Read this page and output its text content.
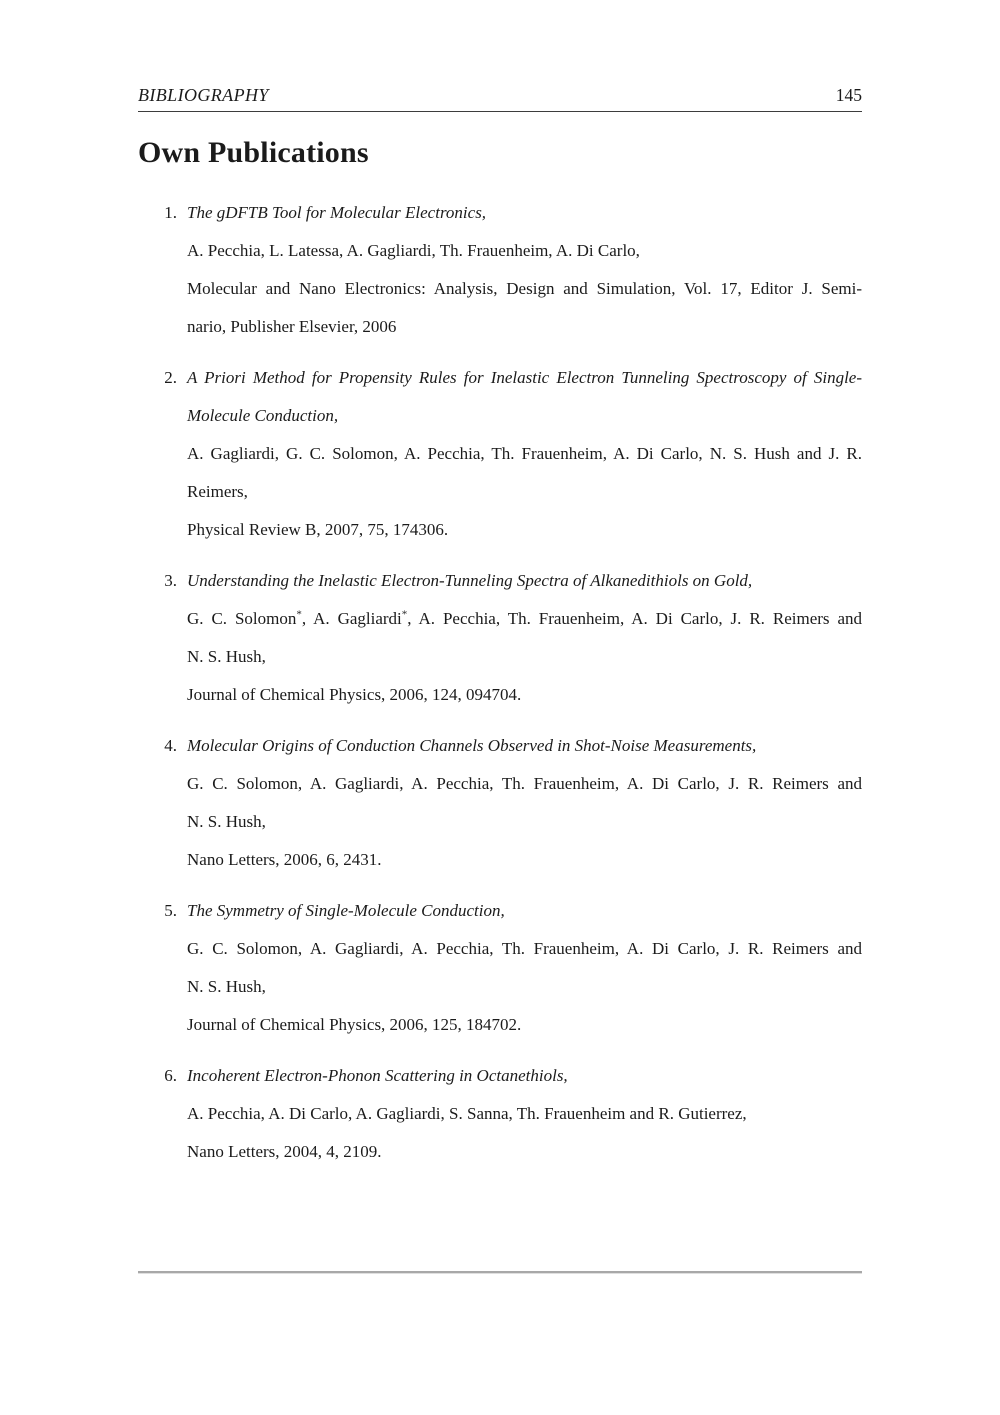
BIBLIOGRAPHY	145
Own Publications
1. The gDFTB Tool for Molecular Electronics,
A. Pecchia, L. Latessa, A. Gagliardi, Th. Frauenheim, A. Di Carlo,
Molecular and Nano Electronics: Analysis, Design and Simulation, Vol. 17, Editor J. Semi-
nario, Publisher Elsevier, 2006
2. A Priori Method for Propensity Rules for Inelastic Electron Tunneling Spectroscopy of Single-
Molecule Conduction,
A. Gagliardi, G. C. Solomon, A. Pecchia, Th. Frauenheim, A. Di Carlo, N. S. Hush and J. R.
Reimers,
Physical Review B, 2007, 75, 174306.
3. Understanding the Inelastic Electron-Tunneling Spectra of Alkanedithiols on Gold,
G. C. Solomon*, A. Gagliardi*, A. Pecchia, Th. Frauenheim, A. Di Carlo, J. R. Reimers and
N. S. Hush,
Journal of Chemical Physics, 2006, 124, 094704.
4. Molecular Origins of Conduction Channels Observed in Shot-Noise Measurements,
G. C. Solomon, A. Gagliardi, A. Pecchia, Th. Frauenheim, A. Di Carlo, J. R. Reimers and
N. S. Hush,
Nano Letters, 2006, 6, 2431.
5. The Symmetry of Single-Molecule Conduction,
G. C. Solomon, A. Gagliardi, A. Pecchia, Th. Frauenheim, A. Di Carlo, J. R. Reimers and
N. S. Hush,
Journal of Chemical Physics, 2006, 125, 184702.
6. Incoherent Electron-Phonon Scattering in Octanethiols,
A. Pecchia, A. Di Carlo, A. Gagliardi, S. Sanna, Th. Frauenheim and R. Gutierrez,
Nano Letters, 2004, 4, 2109.
